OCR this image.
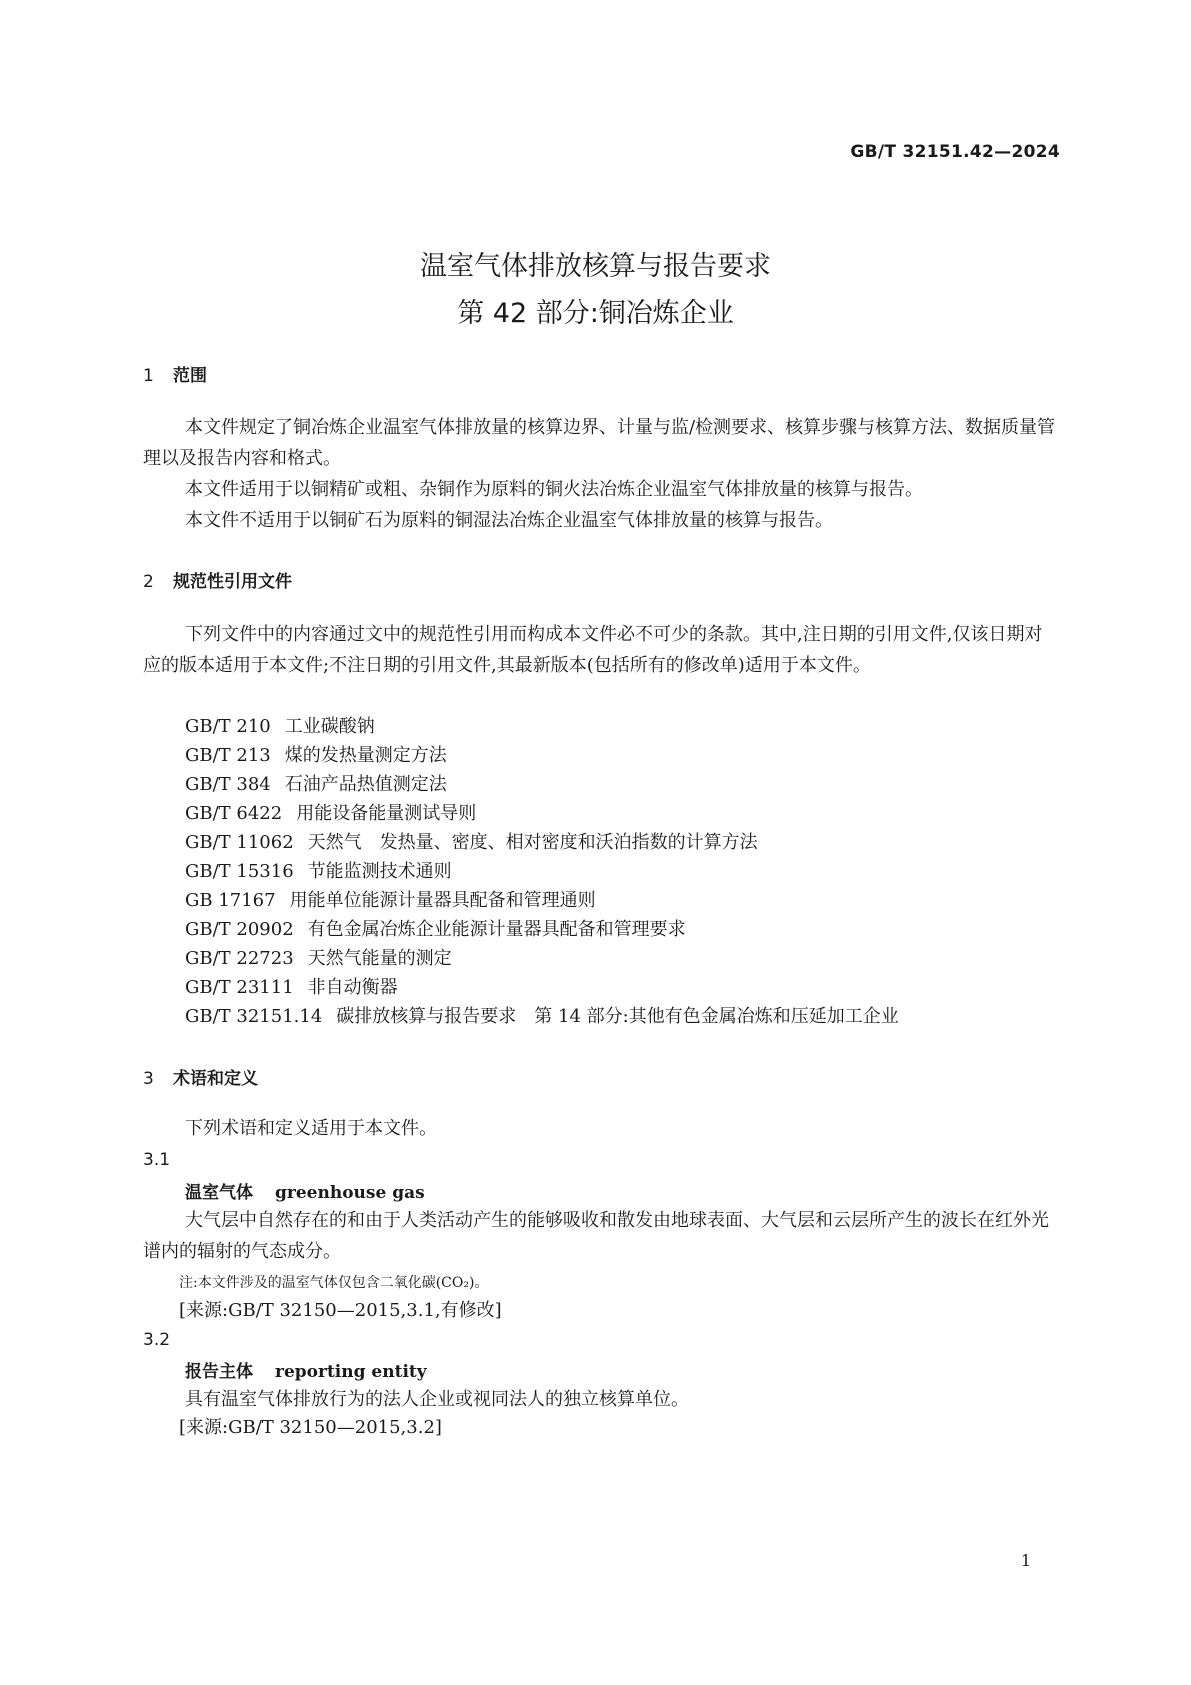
GB/T 32151.42—2024
温室气体排放核算与报告要求
第 42 部分:铜冶炼企业
1 范围
本文件规定了铜冶炼企业温室气体排放量的核算边界、计量与监/检测要求、核算步骤与核算方法、数据质量管理以及报告内容和格式。
本文件适用于以铜精矿或粗、杂铜作为原料的铜火法冶炼企业温室气体排放量的核算与报告。
本文件不适用于以铜矿石为原料的铜湿法冶炼企业温室气体排放量的核算与报告。
2 规范性引用文件
下列文件中的内容通过文中的规范性引用而构成本文件必不可少的条款。其中,注日期的引用文件,仅该日期对应的版本适用于本文件;不注日期的引用文件,其最新版本(包括所有的修改单)适用于本文件。
GB/T 210 工业碳酸钠
GB/T 213 煤的发热量测定方法
GB/T 384 石油产品热值测定法
GB/T 6422 用能设备能量测试导则
GB/T 11062 天然气　发热量、密度、相对密度和沃泊指数的计算方法
GB/T 15316 节能监测技术通则
GB 17167 用能单位能源计量器具配备和管理通则
GB/T 20902 有色金属冶炼企业能源计量器具配备和管理要求
GB/T 22723 天然气能量的测定
GB/T 23111 非自动衡器
GB/T 32151.14 碳排放核算与报告要求　第 14 部分:其他有色金属冶炼和压延加工企业
3 术语和定义
下列术语和定义适用于本文件。
3.1
温室气体 greenhouse gas
大气层中自然存在的和由于人类活动产生的能够吸收和散发由地球表面、大气层和云层所产生的波长在红外光谱内的辐射的气态成分。
注:本文件涉及的温室气体仅包含二氧化碳(CO₂)。
[来源:GB/T 32150—2015,3.1,有修改]
3.2
报告主体 reporting entity
具有温室气体排放行为的法人企业或视同法人的独立核算单位。
[来源:GB/T 32150—2015,3.2]
1
